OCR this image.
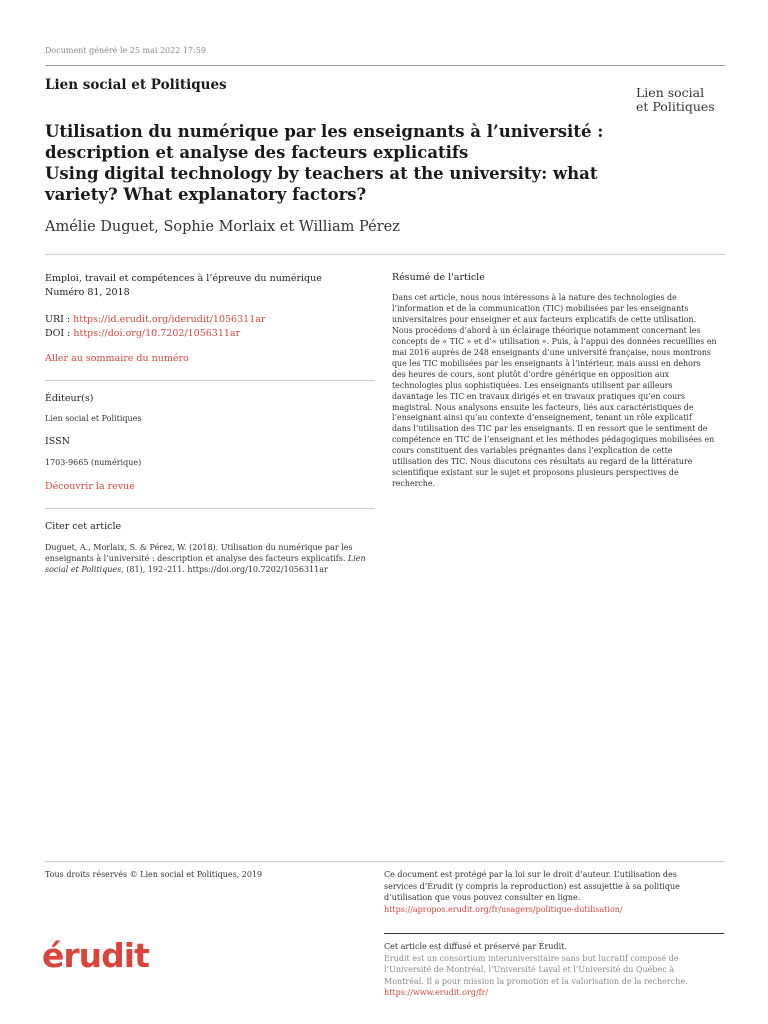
Document généré le 25 mai 2022 17:59
Lien social et Politiques	Lien social
et Politiques
Utilisation du numérique par les enseignants à l’université :
description et analyse des facteurs explicatifs
Using digital technology by teachers at the university: what
variety? What explanatory factors?
Amélie Duguet, Sophie Morlaix et William Pérez
Emploi, travail et compétences à l’épreuve du numérique
Numéro 81, 2018
URI : https://id.erudit.org/iderudit/1056311ar
DOI : https://doi.org/10.7202/1056311ar
Aller au sommaire du numéro
Éditeur(s)
Lien social et Politiques
ISSN
1703-9665 (numérique)
Découvrir la revue
Citer cet article
Duguet, A., Morlaix, S. & Pérez, W. (2018). Utilisation du numérique par les
enseignants à l’université : description et analyse des facteurs explicatifs. Lien
social et Politiques, (81), 192–211. https://doi.org/10.7202/1056311ar
Résumé de l'article
Dans cet article, nous nous intéressons à la nature des technologies de
l’information et de la communication (TIC) mobilisées par les enseignants
universitaires pour enseigner et aux facteurs explicatifs de cette utilisation.
Nous procédons d’abord à un éclairage théorique notamment concernant les
concepts de « TIC » et d’« utilisation ». Puis, à l’appui des données recueillies en
mai 2016 auprès de 248 enseignants d’une université française, nous montrons
que les TIC mobilisées par les enseignants à l’intérieur, mais aussi en dehors
des heures de cours, sont plutôt d’ordre générique en opposition aux
technologies plus sophistiquées. Les enseignants utilisent par ailleurs
davantage les TIC en travaux dirigés et en travaux pratiques qu’en cours
magistral. Nous analysons ensuite les facteurs, liés aux caractéristiques de
l’enseignant ainsi qu’au contexte d’enseignement, tenant un rôle explicatif
dans l’utilisation des TIC par les enseignants. Il en ressort que le sentiment de
compétence en TIC de l’enseignant et les méthodes pédagogiques mobilisées en
cours constituent des variables prégnantes dans l’explication de cette
utilisation des TIC. Nous discutons ces résultats au regard de la littérature
scientifique existant sur le sujet et proposons plusieurs perspectives de
recherche.
Tous droits réservés © Lien social et Politiques, 2019	Ce document est protégé par la loi sur le droit d’auteur. L’utilisation des
services d’Érudit (y compris la reproduction) est assujettie à sa politique
d’utilisation que vous pouvez consulter en ligne.
https://apropos.erudit.org/fr/usagers/politique-dutilisation/
érudit	Cet article est diffusé et préservé par Érudit.
Érudit est un consortium interuniversitaire sans but lucratif composé de
l’Université de Montréal, l’Université Laval et l’Université du Québec à
Montréal. Il a pour mission la promotion et la valorisation de la recherche.
https://www.erudit.org/fr/
